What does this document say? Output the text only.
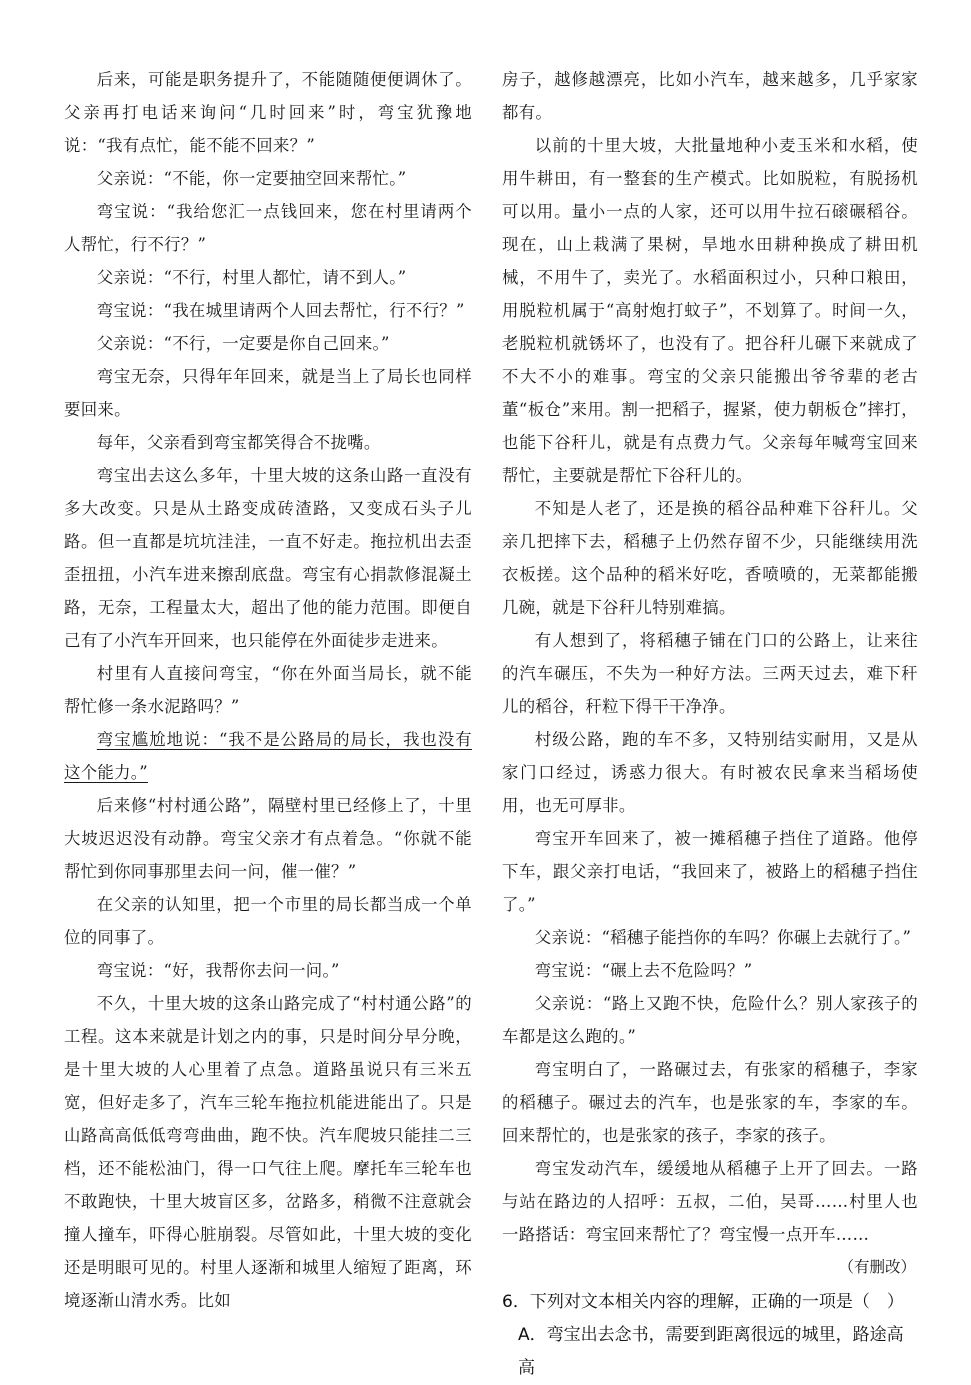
后来，可能是职务提升了，不能随随便便调休了。父亲再打电话来询问“几时回来”时，弯宝犹豫地说：“我有点忙，能不能不回来？”

父亲说：“不能，你一定要抽空回来帮忙。”

弯宝说：“我给您汇一点钱回来，您在村里请两个人帮忙，行不行？”

父亲说：“不行，村里人都忙，请不到人。”

弯宝说：“我在城里请两个人回去帮忙，行不行？”

父亲说：“不行，一定要是你自己回来。”

弯宝无奈，只得年年回来，就是当上了局长也同样要回来。

每年，父亲看到弯宝都笑得合不拢嘴。

弯宝出去这么多年，十里大坡的这条山路一直没有多大改变。只是从土路变成砖渣路，又变成石头子儿路。但一直都是坑坑洼洼，一直不好走。拖拉机出去歪歪扭扭，小汽车进来擦刮底盘。弯宝有心捐款修混凝土路，无奈，工程量太大，超出了他的能力范围。即便自己有了小汽车开回来，也只能停在外面徒步走进来。

村里有人直接问弯宝，“你在外面当局长，就不能帮忙修一条水泥路吗？”

弯宝尴尬地说：“我不是公路局的局长，我也没有这个能力。”

后来修“村村通公路”，隔壁村里已经修上了，十里大坡迟迟没有动静。弯宝父亲才有点着急。“你就不能帮忙到你同事那里去问一问，催一催？”

在父亲的认知里，把一个市里的局长都当成一个单位的同事了。

弯宝说：“好，我帮你去问一问。”

不久，十里大坡的这条山路完成了“村村通公路”的工程。这本来就是计划之内的事，只是时间分早分晚，是十里大坡的人心里着了点急。道路虽说只有三米五宽，但好走多了，汽车三轮车拖拉机能进能出了。只是山路高高低低弯弯曲曲，跑不快。汽车爬坡只能挂二三档，还不能松油门，得一口气往上爬。摩托车三轮车也不敢跑快，十里大坡盲区多，岔路多，稍微不注意就会撞人撞车，吓得心脏崩裂。尽管如此，十里大坡的变化还是明眼可见的。村里人逐渐和城里人缩短了距离，环境逐渐山清水秀。比如

房子，越修越漂亮，比如小汽车，越来越多，几乎家家都有。

以前的十里大坡，大批量地种小麦玉米和水稻，使用牛耕田，有一整套的生产模式。比如脱粒，有脱扬机可以用。量小一点的人家，还可以用牛拉石磙碾稻谷。现在，山上栽满了果树，旱地水田耕种换成了耕田机械，不用牛了，卖光了。水稻面积过小，只种口粮田，用脱粒机属于“高射炮打蚊子”，不划算了。时间一久，老脱粒机就锈坏了，也没有了。把谷秆儿碾下来就成了不大不小的难事。弯宝的父亲只能搬出爷爷辈的老古董“板仓”来用。割一把稻子，握紧，使力朝板仓”摔打，也能下谷秆儿，就是有点费力气。父亲每年喊弯宝回来帮忙，主要就是帮忙下谷秆儿的。

不知是人老了，还是换的稻谷品种难下谷秆儿。父亲几把摔下去，稻穗子上仍然存留不少，只能继续用洗衣板搓。这个品种的稻米好吃，香喷喷的，无菜都能搬几碗，就是下谷秆儿特别难搞。

有人想到了，将稻穗子铺在门口的公路上，让来往的汽车碾压，不失为一种好方法。三两天过去，难下秆儿的稻谷，秆粒下得干干净净。

村级公路，跑的车不多，又特别结实耐用，又是从家门口经过，诱惑力很大。有时被农民拿来当稻场使用，也无可厚非。

弯宝开车回来了，被一摊稻穗子挡住了道路。他停下车，跟父亲打电话，“我回来了，被路上的稻穗子挡住了。”

父亲说：“稻穗子能挡你的车吗？你碾上去就行了。”

弯宝说：“碾上去不危险吗？”

父亲说：“路上又跑不快，危险什么？别人家孩子的车都是这么跑的。”

弯宝明白了，一路碾过去，有张家的稻穗子，李家的稻穗子。碾过去的汽车，也是张家的车，李家的车。回来帮忙的，也是张家的孩子，李家的孩子。

弯宝发动汽车，缓缓地从稻穗子上开了回去。一路与站在路边的人招呼：五叔，二伯，吴哥……村里人也一路搭话：弯宝回来帮忙了？弯宝慢一点开车……

（有删改）

6．下列对文本相关内容的理解，正确的一项是（　）

A．弯宝出去念书，需要到距离很远的城里，路途高高
